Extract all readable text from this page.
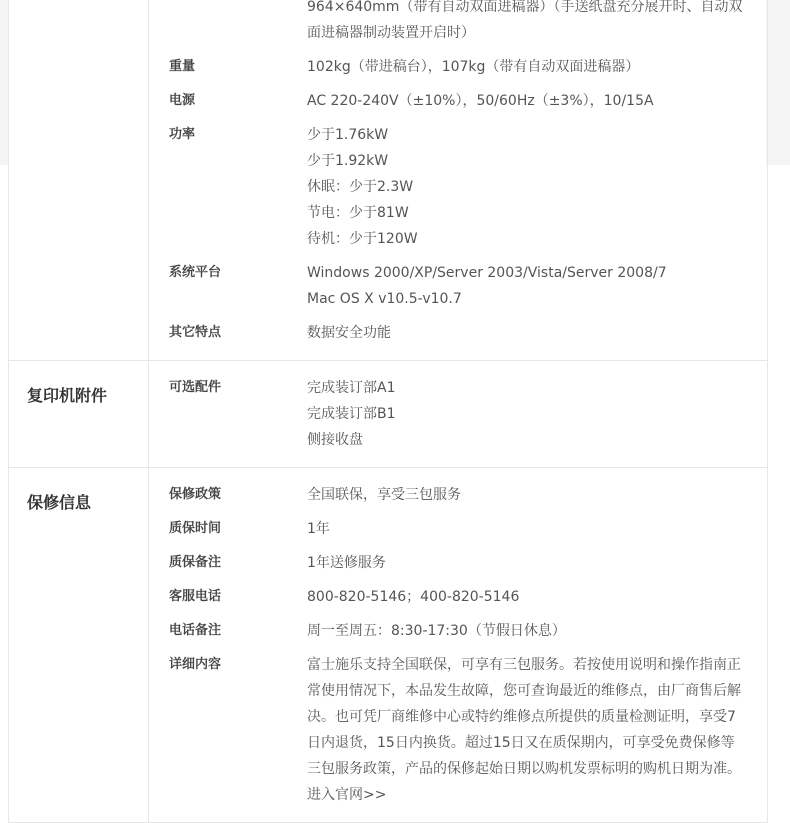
964×640mm（带有自动双面进稿器）（手送纸盘充分展开时、自动双
面进稿器制动装置开启时）
重量	102kg（带进稿台），107kg（带有自动双面进稿器）
电源	AC 220-240V（±10%），50/60Hz（±3%），10/15A
功率	少于1.76kW
少于1.92kW
休眠：少于2.3W
节电：少于81W
待机：少于120W
系统平台	Windows 2000/XP/Server 2003/Vista/Server 2008/7
Mac OS X v10.5-v10.7
其它特点	数据安全功能
复印机附件	可选配件	完成装订部A1
完成装订部B1
侧接收盘
保修信息	保修政策	全国联保，享受三包服务
质保时间	1年
质保备注	1年送修服务
客服电话	800-820-5146；400-820-5146
电话备注	周一至周五：8:30-17:30（节假日休息）
详细内容	富士施乐支持全国联保，可享有三包服务。若按使用说明和操作指南正
常使用情况下，本品发生故障，您可查询最近的维修点，由厂商售后解
决。也可凭厂商维修中心或特约维修点所提供的质量检测证明，享受7
日内退货，15日内换货。超过15日又在质保期内，可享受免费保修等
三包服务政策，产品的保修起始日期以购机发票标明的购机日期为准。
进入官网>>
